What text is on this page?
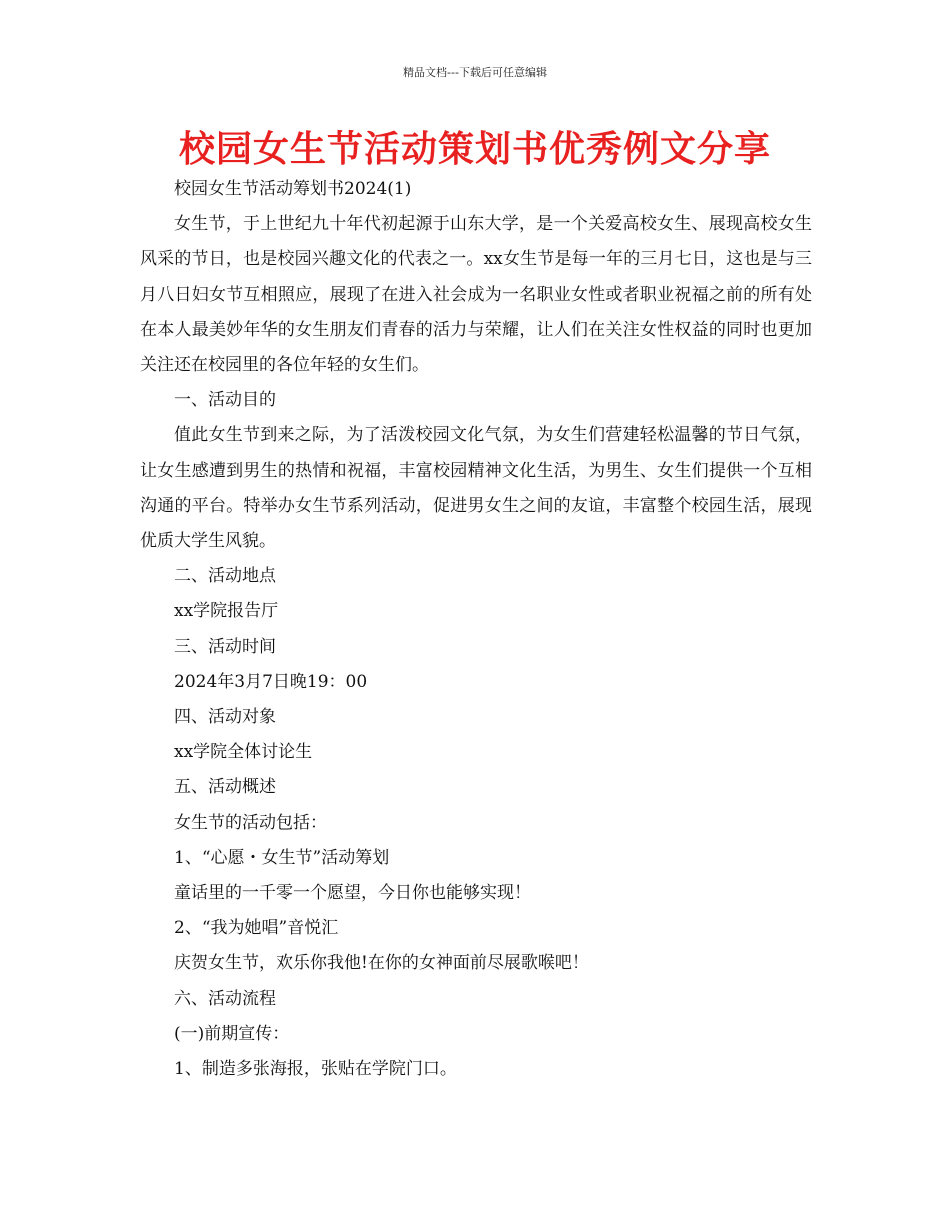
精品文档---下载后可任意编辑
校园女生节活动策划书优秀例文分享
校园女生节活动筹划书2024(1)
女生节，于上世纪九十年代初起源于山东大学，是一个关爱高校女生、展现高校女生风采的节日，也是校园兴趣文化的代表之一。xx女生节是每一年的三月七日，这也是与三月八日妇女节互相照应，展现了在进入社会成为一名职业女性或者职业祝福之前的所有处在本人最美妙年华的女生朋友们青春的活力与荣耀，让人们在关注女性权益的同时也更加关注还在校园里的各位年轻的女生们。
一、活动目的
值此女生节到来之际，为了活泼校园文化气氛，为女生们营建轻松温馨的节日气氛，让女生感遭到男生的热情和祝福，丰富校园精神文化生活，为男生、女生们提供一个互相沟通的平台。特举办女生节系列活动，促进男女生之间的友谊，丰富整个校园生活，展现优质大学生风貌。
二、活动地点
xx学院报告厅
三、活动时间
2024年3月7日晚19：00
四、活动对象
xx学院全体讨论生
五、活动概述
女生节的活动包括：
1、“心愿・女生节”活动筹划
童话里的一千零一个愿望，今日你也能够实现！
2、“我为她唱”音悦汇
庆贺女生节，欢乐你我他!在你的女神面前尽展歌喉吧！
六、活动流程
(一)前期宣传：
1、制造多张海报，张贴在学院门口。
